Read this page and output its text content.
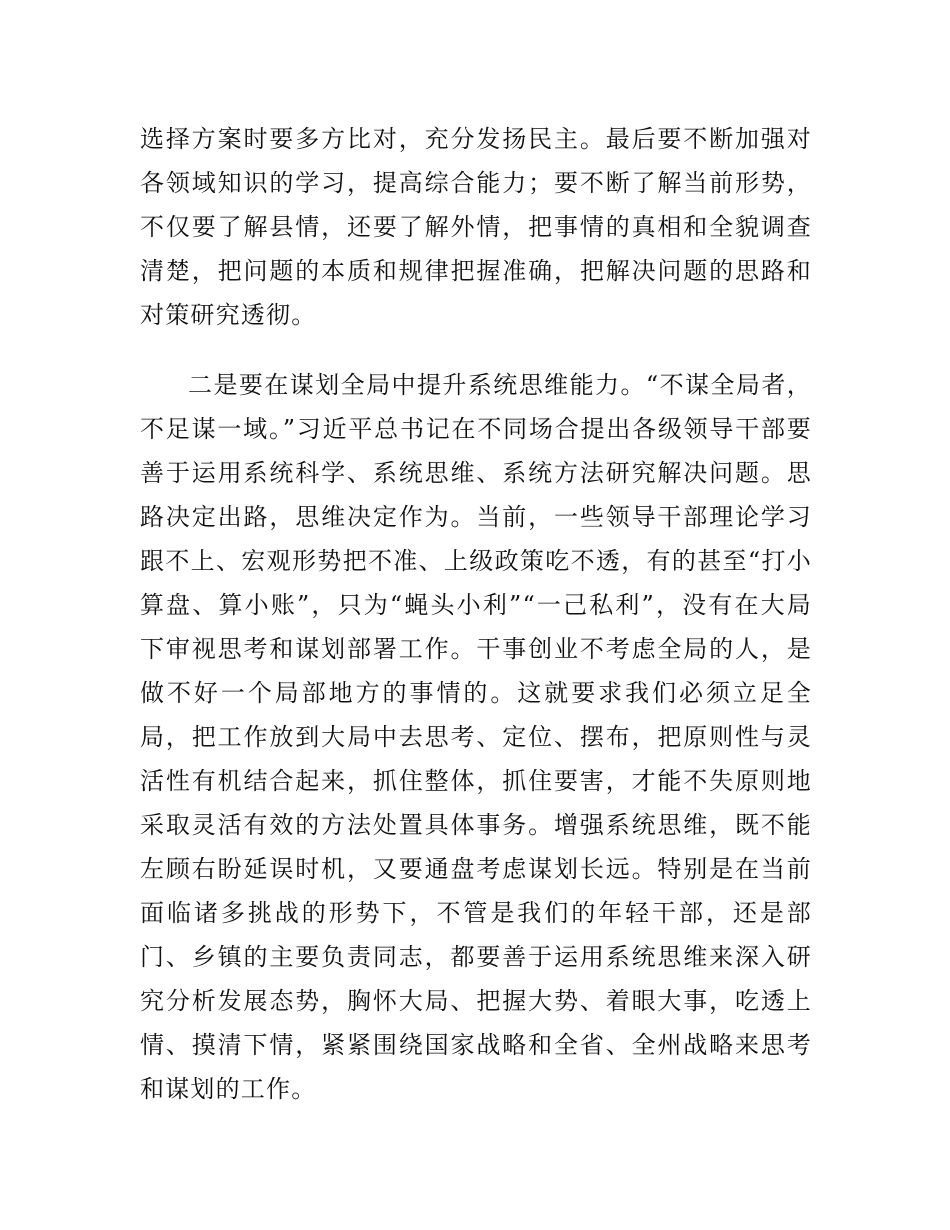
选择方案时要多方比对，充分发扬民主。最后要不断加强对各领域知识的学习，提高综合能力；要不断了解当前形势，不仅要了解县情，还要了解外情，把事情的真相和全貌调查清楚，把问题的本质和规律把握准确，把解决问题的思路和对策研究透彻。

二是要在谋划全局中提升系统思维能力。“不谋全局者，不足谋一域。”习近平总书记在不同场合提出各级领导干部要善于运用系统科学、系统思维、系统方法研究解决问题。思路决定出路，思维决定作为。当前，一些领导干部理论学习跟不上、宏观形势把不准、上级政策吃不透，有的甚至“打小算盘、算小账”，只为“蝇头小利”“一己私利”，没有在大局下审视思考和谋划部署工作。干事创业不考虑全局的人，是做不好一个局部地方的事情的。这就要求我们必须立足全局，把工作放到大局中去思考、定位、摆布，把原则性与灵活性有机结合起来，抓住整体，抓住要害，才能不失原则地采取灵活有效的方法处置具体事务。增强系统思维，既不能左顾右盼延误时机，又要通盘考虑谋划长远。特别是在当前面临诸多挑战的形势下，不管是我们的年轻干部，还是部门、乡镇的主要负责同志，都要善于运用系统思维来深入研究分析发展态势，胸怀大局、把握大势、着眼大事，吃透上情、摸清下情，紧紧围绕国家战略和全省、全州战略来思考和谋划的工作。
